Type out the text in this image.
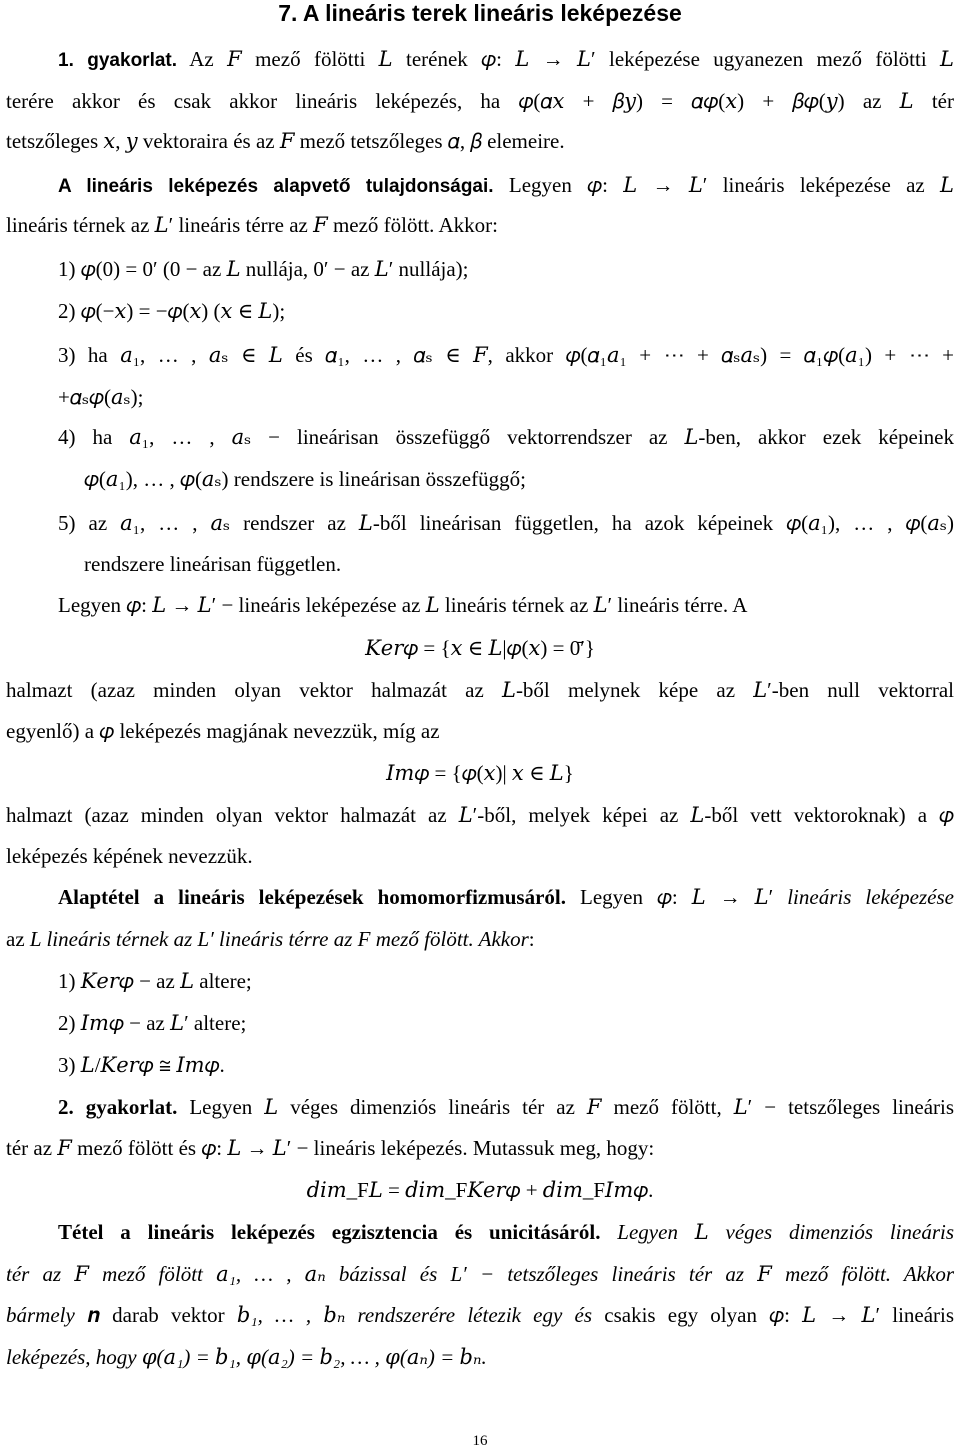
7. A lineáris terek lineáris leképezése
1. gyakorlat. Az 𝐹 mező fölötti 𝐿 terének 𝜑: 𝐿 → 𝐿′ leképezése ugyanezen mező fölötti 𝐿
terére akkor és csak akkor lineáris leképezés, ha 𝜑(𝛼𝑥 + 𝛽𝑦) = 𝛼𝜑(𝑥) + 𝛽𝜑(𝑦) az 𝐿 tér
tetszőleges 𝑥, 𝑦 vektoraira és az 𝐹 mező tetszőleges 𝛼, 𝛽 elemeire.
A lineáris leképezés alapvető tulajdonságai. Legyen 𝜑: 𝐿 → 𝐿′ lineáris leképezése az 𝐿
lineáris térnek az 𝐿′ lineáris térre az 𝐹 mező fölött. Akkor:
1) 𝜑(0) = 0′ (0 − az 𝐿 nullája, 0′ − az 𝐿′ nullája);
2) 𝜑(−𝑥) = −𝜑(𝑥) (𝑥 ∈ 𝐿);
3) ha 𝑎₁, … , 𝑎ₛ ∈ 𝐿 és 𝛼₁, … , 𝛼ₛ ∈ 𝐹, akkor 𝜑(𝛼₁𝑎₁ + ⋯ + 𝛼ₛ𝑎ₛ) = 𝛼₁𝜑(𝑎₁) + ⋯ +
+𝛼ₛ𝜑(𝑎ₛ);
4) ha 𝑎₁, … , 𝑎ₛ − lineárisan összefüggő vektorrendszer az 𝐿-ben, akkor ezek képeinek
𝜑(𝑎₁), … , 𝜑(𝑎ₛ) rendszere is lineárisan összefüggő;
5) az 𝑎₁, … , 𝑎ₛ rendszer az 𝐿-ből lineárisan független, ha azok képeinek 𝜑(𝑎₁), … , 𝜑(𝑎ₛ)
rendszere lineárisan független.
Legyen 𝜑: 𝐿 → 𝐿′ − lineáris leképezése az 𝐿 lineáris térnek az 𝐿′ lineáris térre. A
𝐾𝑒𝑟𝜑 = {𝑥 ∈ 𝐿|𝜑(𝑥) = 0̄′}
halmazt (azaz minden olyan vektor halmazát az 𝐿-ből melynek képe az 𝐿′-ben null vektorral
egyenlő) a 𝜑 leképezés magjának nevezzük, míg az
𝐼𝑚𝜑 = {𝜑(𝑥)| 𝑥 ∈ 𝐿}
halmazt (azaz minden olyan vektor halmazát az 𝐿′-ből, melyek képei az 𝐿-ből vett vektoroknak) a 𝜑
leképezés képének nevezzük.
Alaptétel a lineáris leképezések homomorfizmusáról. Legyen 𝜑: 𝐿 → 𝐿′ lineáris leképezése
az L lineáris térnek az L′ lineáris térre az F mező fölött. Akkor:
1) 𝐾𝑒𝑟𝜑 − az 𝐿 altere;
2) 𝐼𝑚𝜑 − az 𝐿′ altere;
3) 𝐿/𝐾𝑒𝑟𝜑 ≅ 𝐼𝑚𝜑.
2. gyakorlat. Legyen 𝐿 véges dimenziós lineáris tér az 𝐹 mező fölött, 𝐿′ − tetszőleges lineáris
tér az 𝐹 mező fölött és 𝜑: 𝐿 → 𝐿′ − lineáris leképezés. Mutassuk meg, hogy:
𝑑𝑖𝑚_F𝐿 = 𝑑𝑖𝑚_F𝐾𝑒𝑟𝜑 + 𝑑𝑖𝑚_F𝐼𝑚𝜑.
Tétel a lineáris leképezés egzisztencia és unicitásáról. Legyen 𝐿 véges dimenziós lineáris
tér az 𝐹 mező fölött 𝑎₁, … , 𝑎ₙ bázissal és L′ − tetszőleges lineáris tér az 𝐹 mező fölött. Akkor
bármely 𝒏 darab vektor 𝑏₁, … , 𝑏ₙ rendszerére létezik egy és csakis egy olyan 𝜑: 𝐿 → 𝐿′ lineáris
leképezés, hogy 𝜑(𝑎₁) = 𝑏₁, 𝜑(𝑎₂) = 𝑏₂, … , 𝜑(𝑎ₙ) = 𝑏ₙ.
16
